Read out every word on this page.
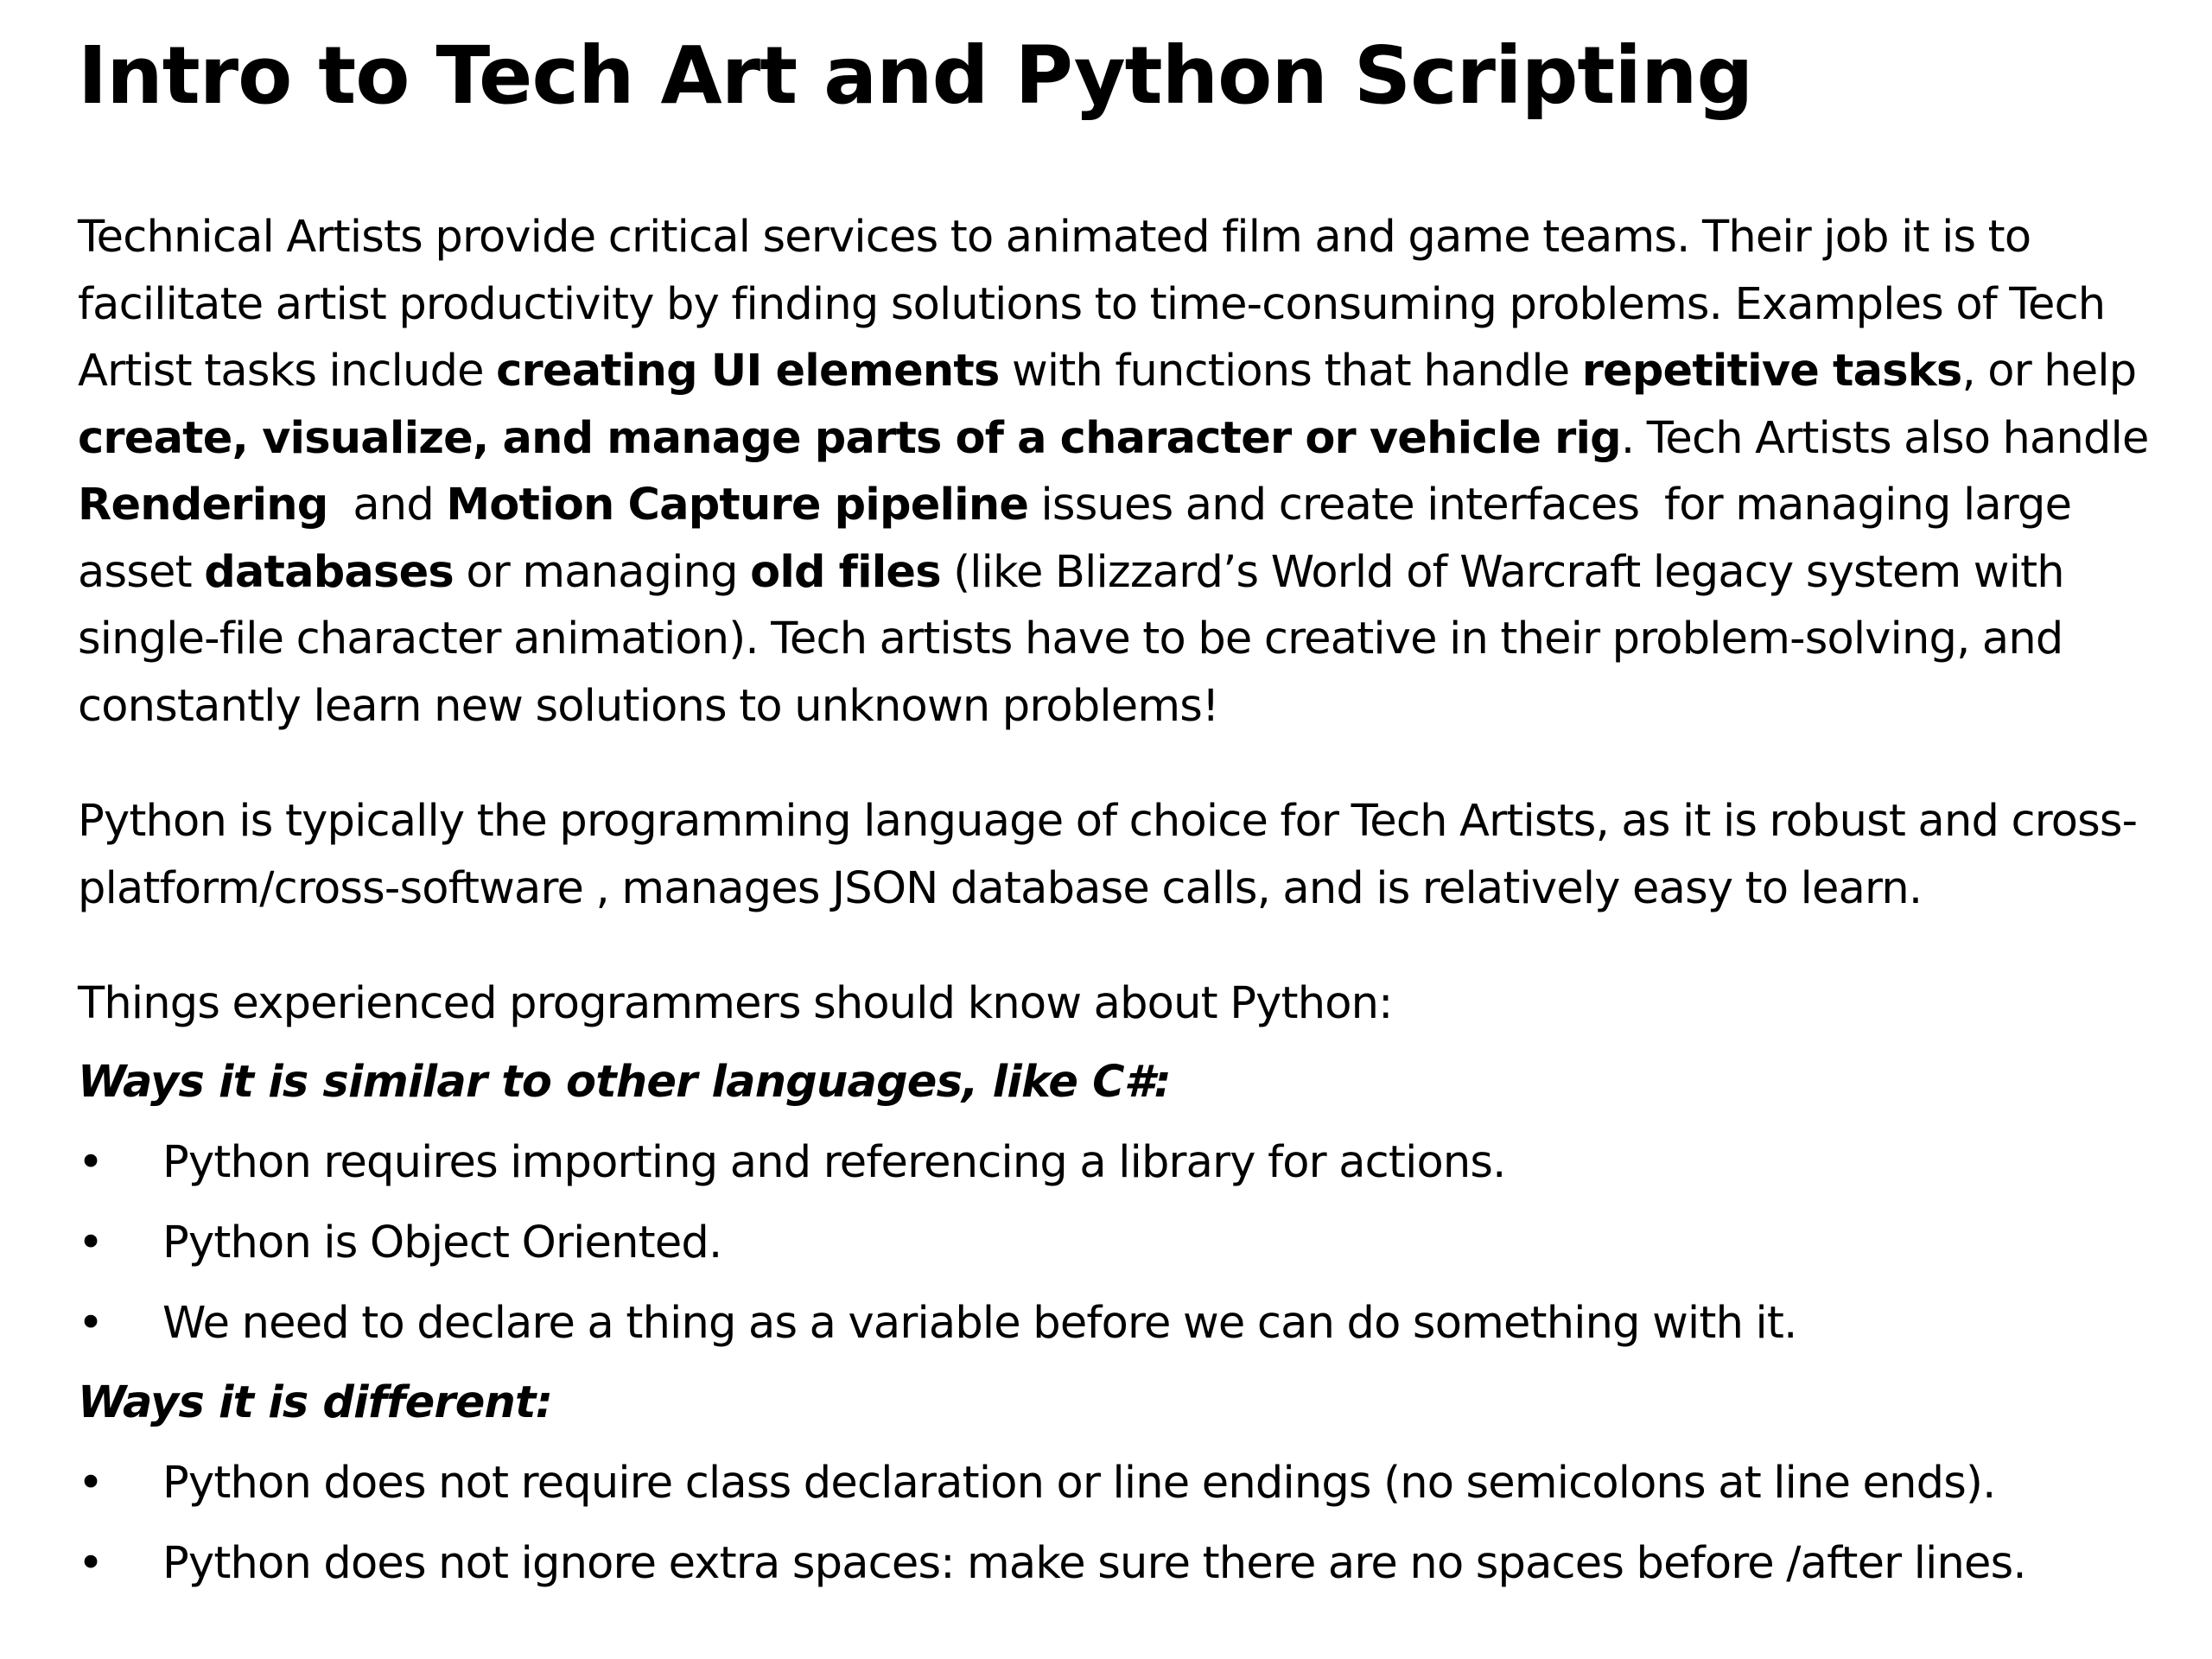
Intro to Tech Art and Python Scripting

Technical Artists provide critical services to animated film and game teams. Their job it is to facilitate artist productivity by finding solutions to time-consuming problems. Examples of Tech Artist tasks include creating UI elements with functions that handle repetitive tasks, or help create, visualize, and manage parts of a character or vehicle rig. Tech Artists also handle Rendering  and Motion Capture pipeline issues and create interfaces  for managing large asset databases or managing old files (like Blizzard’s World of Warcraft legacy system with single-file character animation). Tech artists have to be creative in their problem-solving, and constantly learn new solutions to unknown problems!

Python is typically the programming language of choice for Tech Artists, as it is robust and cross-platform/cross-software , manages JSON database calls, and is relatively easy to learn.

Things experienced programmers should know about Python:

Ways it is similar to other languages, like C#:
•	Python requires importing and referencing a library for actions.
•	Python is Object Oriented.
•	We need to declare a thing as a variable before we can do something with it.
Ways it is different:
•	Python does not require class declaration or line endings (no semicolons at line ends).
•	Python does not ignore extra spaces: make sure there are no spaces before /after lines.
